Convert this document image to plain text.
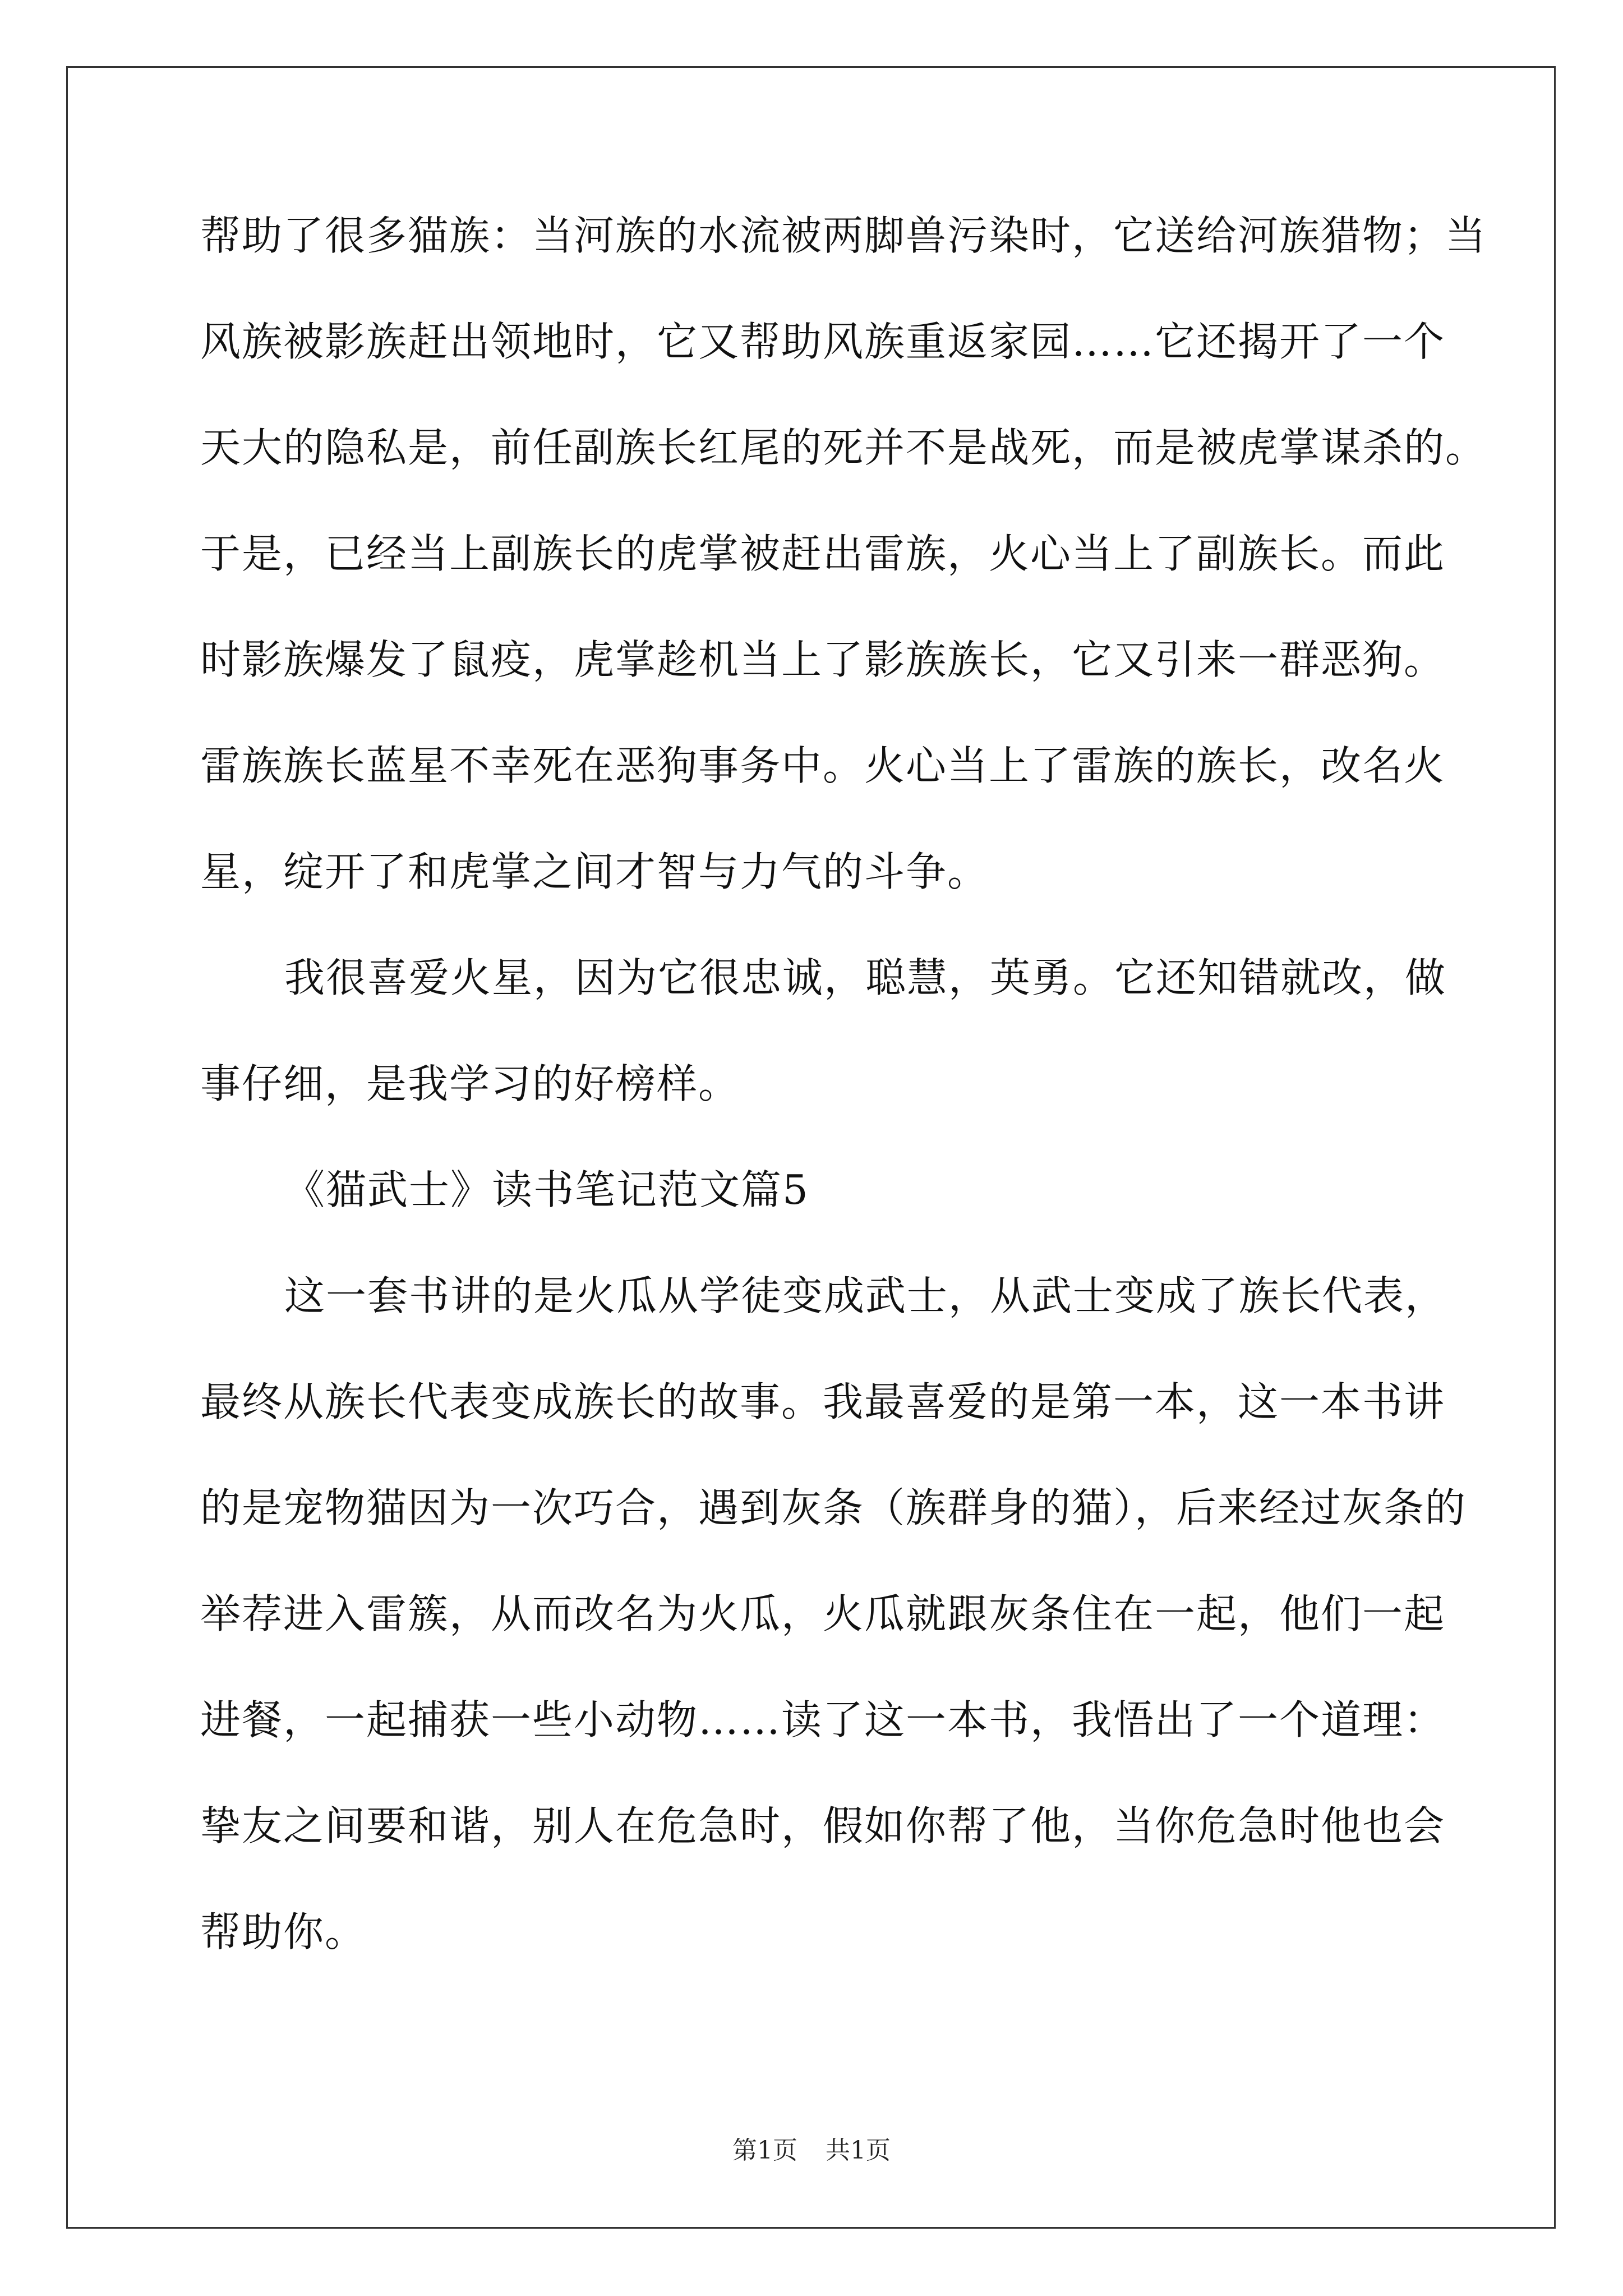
帮助了很多猫族：当河族的水流被两脚兽污染时，它送给河族猎物；当
风族被影族赶出领地时，它又帮助风族重返家园……它还揭开了一个
天大的隐私是，前任副族长红尾的死并不是战死，而是被虎掌谋杀的。
于是，已经当上副族长的虎掌被赶出雷族，火心当上了副族长。而此
时影族爆发了鼠疫，虎掌趁机当上了影族族长，它又引来一群恶狗。
雷族族长蓝星不幸死在恶狗事务中。火心当上了雷族的族长，改名火
星，绽开了和虎掌之间才智与力气的斗争。
我很喜爱火星，因为它很忠诚，聪慧，英勇。它还知错就改，做
事仔细，是我学习的好榜样。
《猫武士》读书笔记范文篇5
这一套书讲的是火瓜从学徒变成武士，从武士变成了族长代表，
最终从族长代表变成族长的故事。我最喜爱的是第一本，这一本书讲
的是宠物猫因为一次巧合，遇到灰条（族群身的猫），后来经过灰条的
举荐进入雷簇，从而改名为火瓜，火瓜就跟灰条住在一起，他们一起
进餐，一起捕获一些小动物……读了这一本书，我悟出了一个道理：
挚友之间要和谐，别人在危急时，假如你帮了他，当你危急时他也会
帮助你。
第1页 共1页
